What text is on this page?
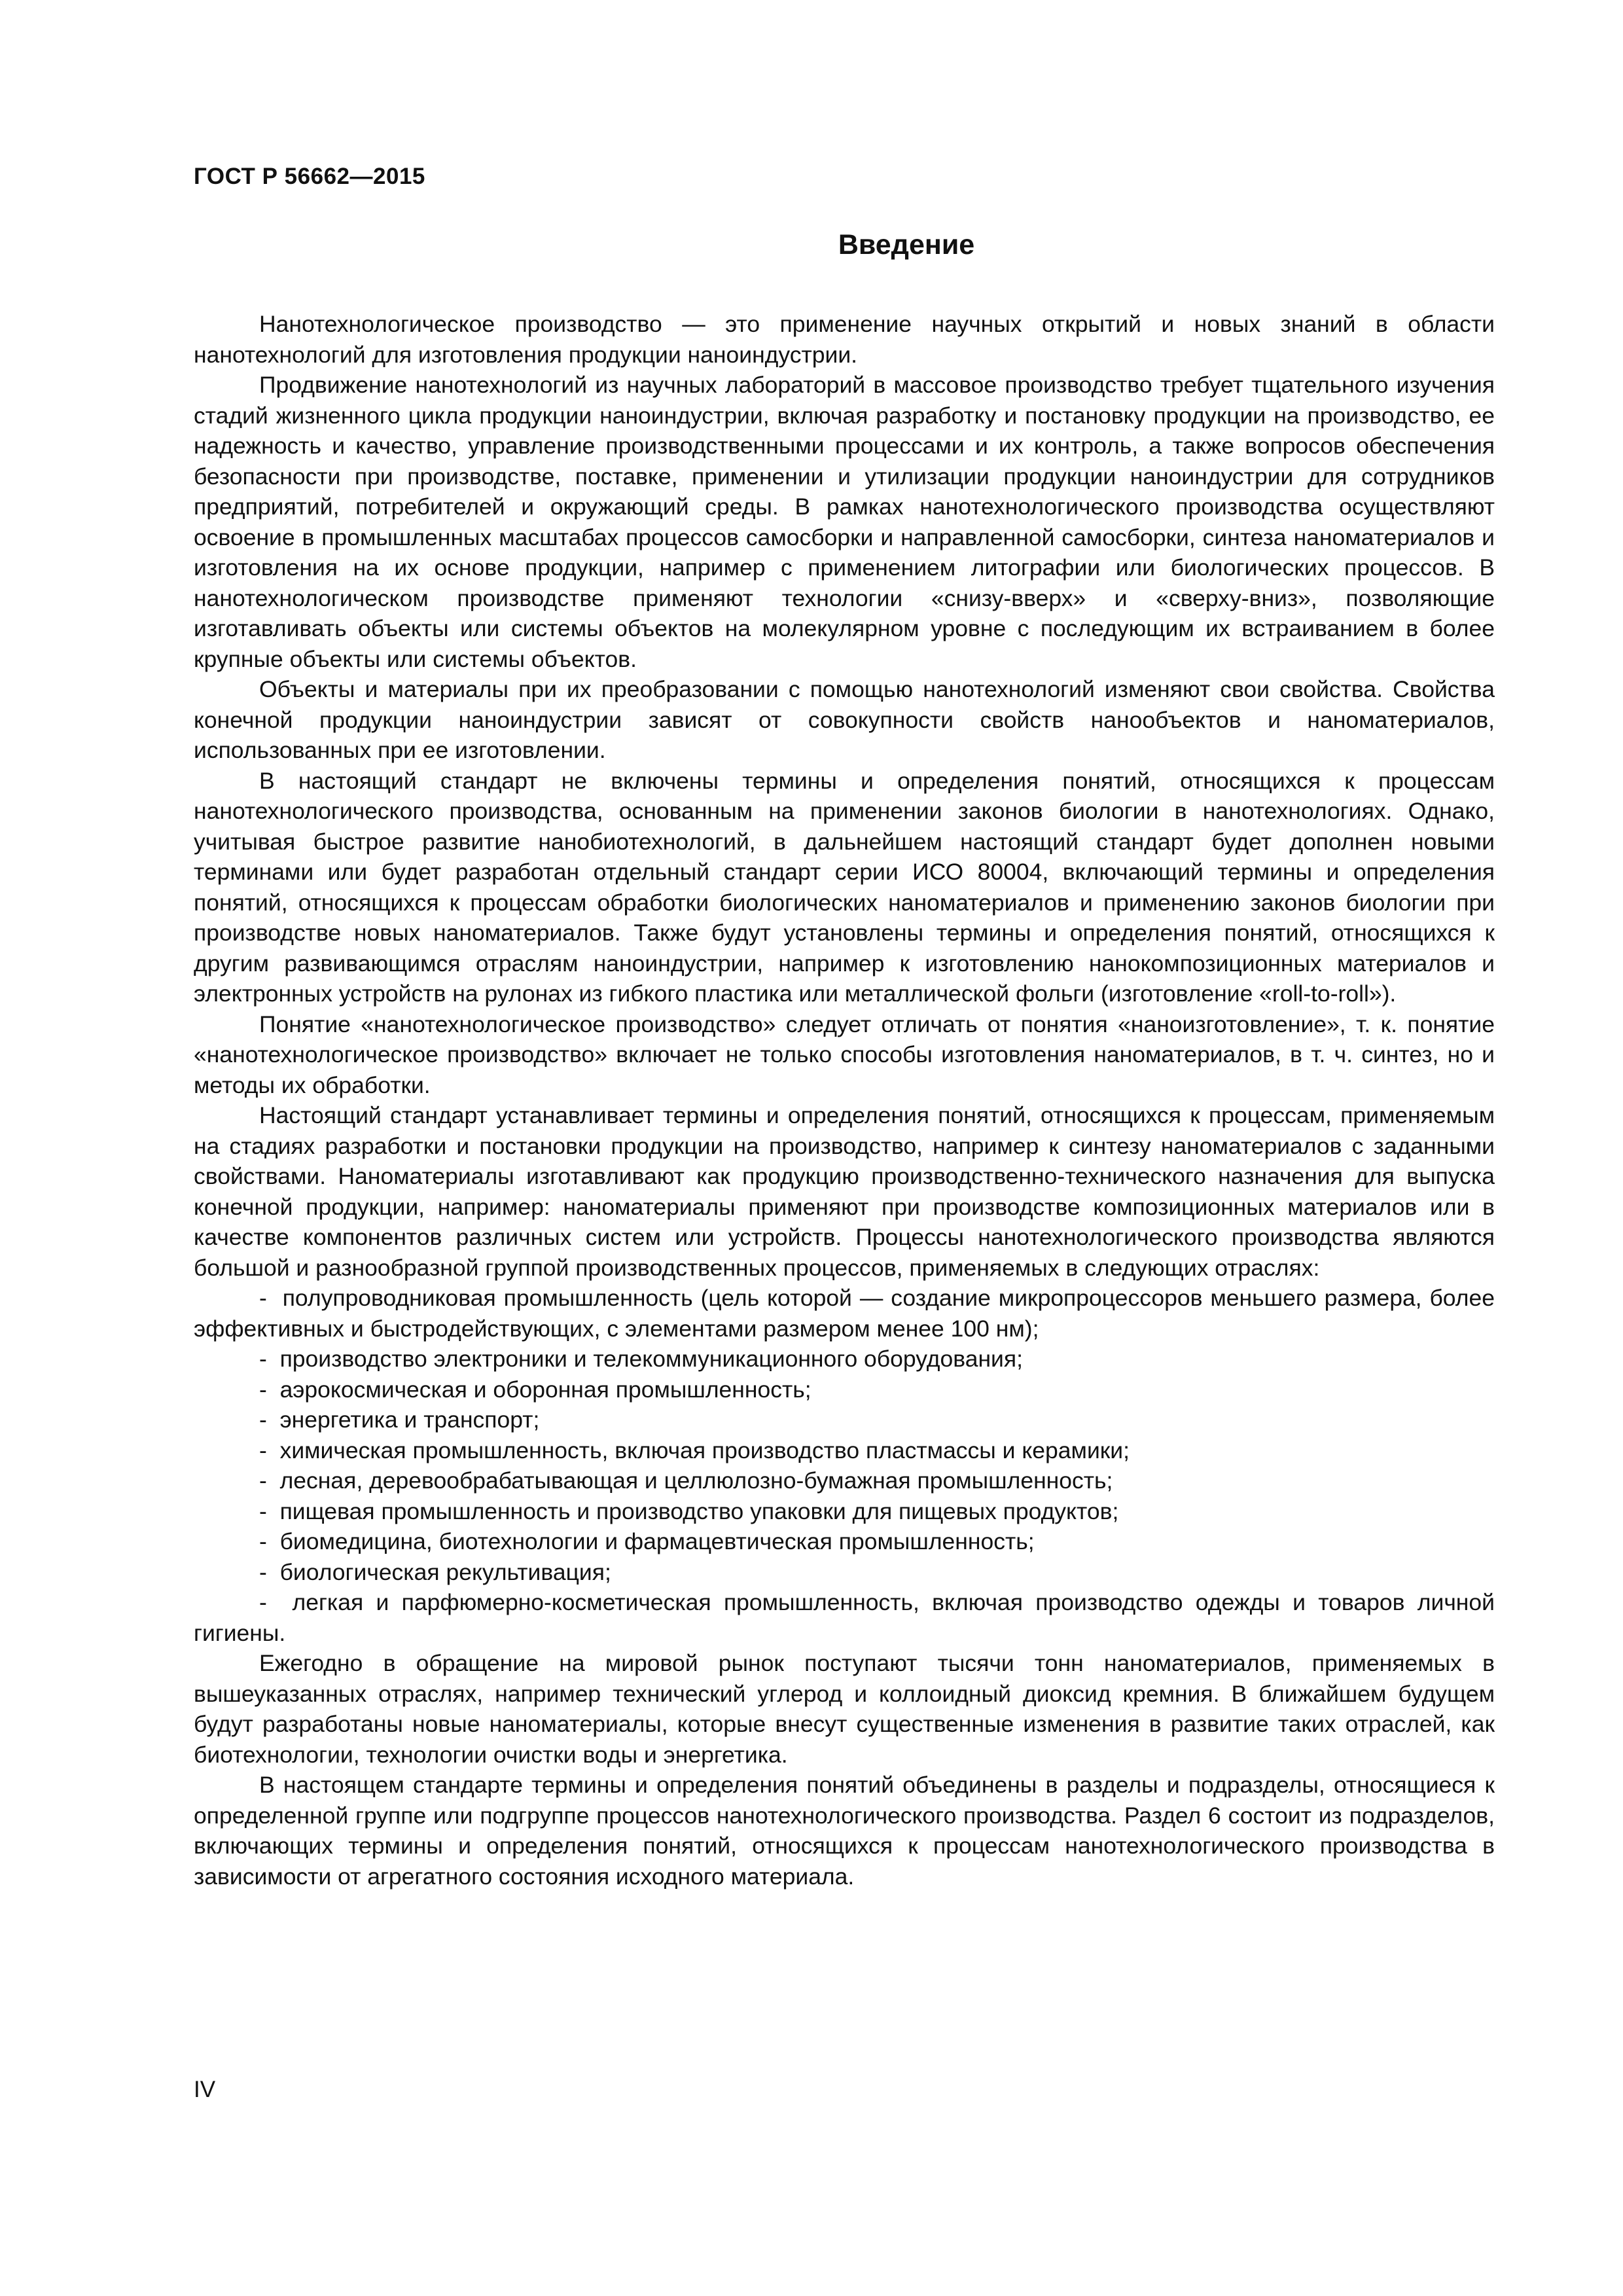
ГОСТ Р 56662—2015
Введение

Нанотехнологическое производство — это применение научных открытий и новых знаний в области нанотехнологий для изготовления продукции наноиндустрии.

Продвижение нанотехнологий из научных лабораторий в массовое производство требует тщательного изучения стадий жизненного цикла продукции наноиндустрии, включая разработку и постановку продукции на производство, ее надежность и качество, управление производственными процессами и их контроль, а также вопросов обеспечения безопасности при производстве, поставке, применении и утилизации продукции наноиндустрии для сотрудников предприятий, потребителей и окружающий среды. В рамках нанотехнологического производства осуществляют освоение в промышленных масштабах процессов самосборки и направленной самосборки, синтеза наноматериалов и изготовления на их основе продукции, например с применением литографии или биологических процессов. В нанотехнологическом производстве применяют технологии «снизу-вверх» и «сверху-вниз», позволяющие изготавливать объекты или системы объектов на молекулярном уровне с последующим их встраиванием в более крупные объекты или системы объектов.

Объекты и материалы при их преобразовании с помощью нанотехнологий изменяют свои свойства. Свойства конечной продукции наноиндустрии зависят от совокупности свойств нанообъектов и наноматериалов, использованных при ее изготовлении.

В настоящий стандарт не включены термины и определения понятий, относящихся к процессам нанотехнологического производства, основанным на применении законов биологии в нанотехнологиях. Однако, учитывая быстрое развитие нанобиотехнологий, в дальнейшем настоящий стандарт будет дополнен новыми терминами или будет разработан отдельный стандарт серии ИСО 80004, включающий термины и определения понятий, относящихся к процессам обработки биологических наноматериалов и применению законов биологии при производстве новых наноматериалов. Также будут установлены термины и определения понятий, относящихся к другим развивающимся отраслям наноиндустрии, например к изготовлению нанокомпозиционных материалов и электронных устройств на рулонах из гибкого пластика или металлической фольги (изготовление «roll-to-roll»).

Понятие «нанотехнологическое производство» следует отличать от понятия «наноизготовление», т. к. понятие «нанотехнологическое производство» включает не только способы изготовления наноматериалов, в т. ч. синтез, но и методы их обработки.

Настоящий стандарт устанавливает термины и определения понятий, относящихся к процессам, применяемым на стадиях разработки и постановки продукции на производство, например к синтезу наноматериалов с заданными свойствами. Наноматериалы изготавливают как продукцию производственно-технического назначения для выпуска конечной продукции, например: наноматериалы применяют при производстве композиционных материалов или в качестве компонентов различных систем или устройств. Процессы нанотехнологического производства являются большой и разнообразной группой производственных процессов, применяемых в следующих отраслях:

-  полупроводниковая промышленность (цель которой — создание микропроцессоров меньшего размера, более эффективных и быстродействующих, с элементами размером менее 100 нм);
-  производство электроники и телекоммуникационного оборудования;
-  аэрокосмическая и оборонная промышленность;
-  энергетика и транспорт;
-  химическая промышленность, включая производство пластмассы и керамики;
-  лесная, деревообрабатывающая и целлюлозно-бумажная промышленность;
-  пищевая промышленность и производство упаковки для пищевых продуктов;
-  биомедицина, биотехнологии и фармацевтическая промышленность;
-  биологическая рекультивация;
-  легкая и парфюмерно-косметическая промышленность, включая производство одежды и товаров личной гигиены.

Ежегодно в обращение на мировой рынок поступают тысячи тонн наноматериалов, применяемых в вышеуказанных отраслях, например технический углерод и коллоидный диоксид кремния. В ближайшем будущем будут разработаны новые наноматериалы, которые внесут существенные изменения в развитие таких отраслей, как биотехнологии, технологии очистки воды и энергетика.

В настоящем стандарте термины и определения понятий объединены в разделы и подразделы, относящиеся к определенной группе или подгруппе процессов нанотехнологического производства. Раздел 6 состоит из подразделов, включающих термины и определения понятий, относящихся к процессам нанотехнологического производства в зависимости от агрегатного состояния исходного материала.

IV
